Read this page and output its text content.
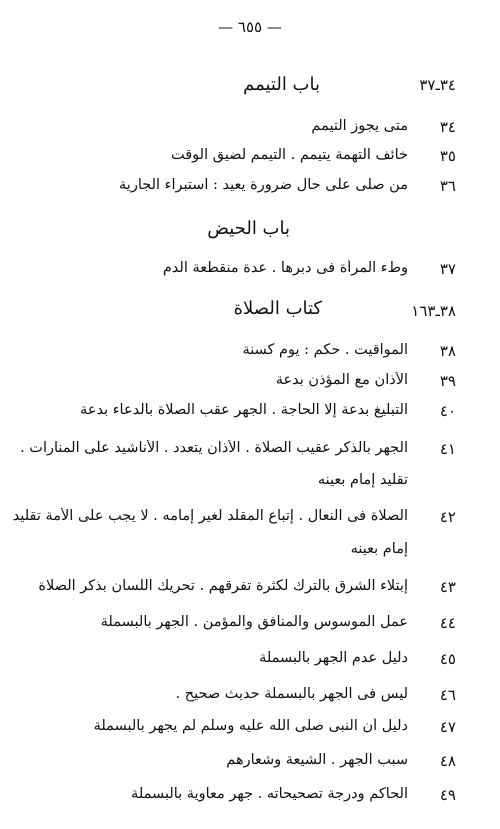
— ٦٥٥ —
باب التيمم	٣٤ـ٣٧
٣٤
متى يجوز التيمم
٣٥
خائف التهمة يتيمم . التيمم لضيق الوقت
٣٦
من صلى على حال ضرورة يعيد : استبراء الجارية
باب الحيض
٣٧
وطء المرأة فى دبرها . عدة منقطعة الدم
كتاب الصلاة	٣٨ـ١٦٣
٣٨
المواقيت . حكم : يوم كسنة
٣٩
الأذان مع المؤذن بدعة
٤٠
التبليغ بدعة إلا الحاجة . الجهر عقب الصلاة بالدعاء بدعة
٤١
الجهر بالذكر عقيب الصلاة . الأذان يتعدد . الأناشيد على المنارات .
تقليد إمام بعينه
٤٢
الصلاة فى النعال . إتباع المقلد لغير إمامه . لا يجب على الأمة تقليد
إمام بعينه
٤٣
إبتلاء الشرق بالترك لكثرة تفرقهم . تحريك اللسان بذكر الصلاة
٤٤
عمل الموسوس والمنافق والمؤمن . الجهر بالبسملة
٤٥
دليل عدم الجهر بالبسملة
٤٦
ليس فى الجهر بالبسملة حديث صحيح .
٤٧
دليل أن النبى صلى الله عليه وسلم لم يجهر بالبسملة
٤٨
سبب الجهر . الشيعة وشعارهم
٤٩
الحاكم ودرجة تصحيحاته . جهر معاوية بالبسملة
